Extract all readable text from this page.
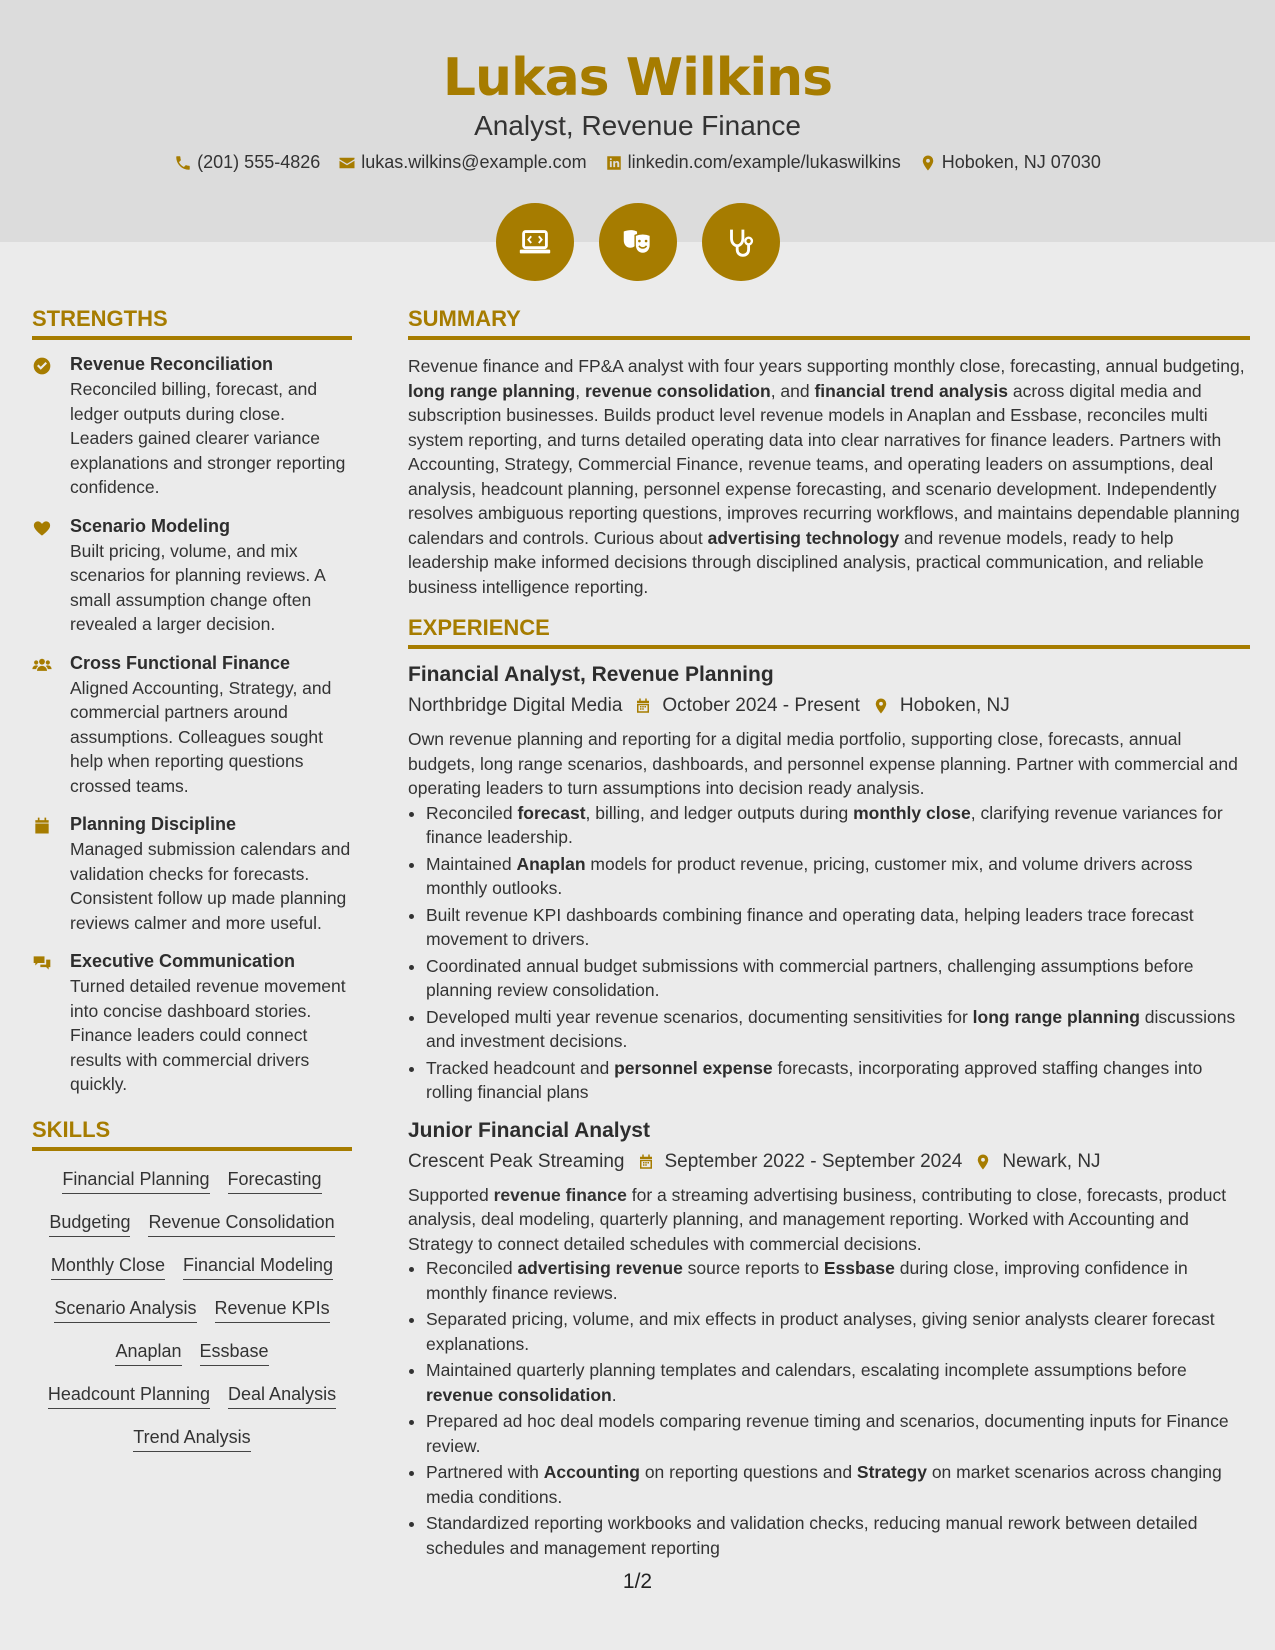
Lukas Wilkins
Analyst, Revenue Finance
(201) 555-4826 lukas.wilkins@example.com linkedin.com/example/lukaswilkins Hoboken, NJ 07030
STRENGTHS
Revenue Reconciliation
Reconciled billing, forecast, and ledger outputs during close. Leaders gained clearer variance explanations and stronger reporting confidence.
Scenario Modeling
Built pricing, volume, and mix scenarios for planning reviews. A small assumption change often revealed a larger decision.
Cross Functional Finance
Aligned Accounting, Strategy, and commercial partners around assumptions. Colleagues sought help when reporting questions crossed teams.
Planning Discipline
Managed submission calendars and validation checks for forecasts. Consistent follow up made planning reviews calmer and more useful.
Executive Communication
Turned detailed revenue movement into concise dashboard stories. Finance leaders could connect results with commercial drivers quickly.
SKILLS
Financial Planning Forecasting
Budgeting Revenue Consolidation
Monthly Close Financial Modeling
Scenario Analysis Revenue KPIs
Anaplan Essbase
Headcount Planning Deal Analysis
Trend Analysis
SUMMARY

Revenue finance and FP&A analyst with four years supporting monthly close, forecasting, annual budgeting, long range planning, revenue consolidation, and financial trend analysis across digital media and subscription businesses. Builds product level revenue models in Anaplan and Essbase, reconciles multi system reporting, and turns detailed operating data into clear narratives for finance leaders. Partners with Accounting, Strategy, Commercial Finance, revenue teams, and operating leaders on assumptions, deal analysis, headcount planning, personnel expense forecasting, and scenario development. Independently resolves ambiguous reporting questions, improves recurring workflows, and maintains dependable planning calendars and controls. Curious about advertising technology and revenue models, ready to help leadership make informed decisions through disciplined analysis, practical communication, and reliable business intelligence reporting.

EXPERIENCE
Financial Analyst, Revenue Planning
Northbridge Digital Media October 2024 - Present Hoboken, NJ

Own revenue planning and reporting for a digital media portfolio, supporting close, forecasts, annual budgets, long range scenarios, dashboards, and personnel expense planning. Partner with commercial and operating leaders to turn assumptions into decision ready analysis.

• Reconciled forecast, billing, and ledger outputs during monthly close, clarifying revenue variances for finance leadership.
• Maintained Anaplan models for product revenue, pricing, customer mix, and volume drivers across monthly outlooks.
• Built revenue KPI dashboards combining finance and operating data, helping leaders trace forecast movement to drivers.
• Coordinated annual budget submissions with commercial partners, challenging assumptions before planning review consolidation.
• Developed multi year revenue scenarios, documenting sensitivities for long range planning discussions and investment decisions.
• Tracked headcount and personnel expense forecasts, incorporating approved staffing changes into rolling financial plans
Junior Financial Analyst
Crescent Peak Streaming September 2022 - September 2024 Newark, NJ

Supported revenue finance for a streaming advertising business, contributing to close, forecasts, product analysis, deal modeling, quarterly planning, and management reporting. Worked with Accounting and Strategy to connect detailed schedules with commercial decisions.

• Reconciled advertising revenue source reports to Essbase during close, improving confidence in monthly finance reviews.
• Separated pricing, volume, and mix effects in product analyses, giving senior analysts clearer forecast explanations.
• Maintained quarterly planning templates and calendars, escalating incomplete assumptions before revenue consolidation.
• Prepared ad hoc deal models comparing revenue timing and scenarios, documenting inputs for Finance review.
• Partnered with Accounting on reporting questions and Strategy on market scenarios across changing media conditions.
• Standardized reporting workbooks and validation checks, reducing manual rework between detailed schedules and management reporting
1/2
